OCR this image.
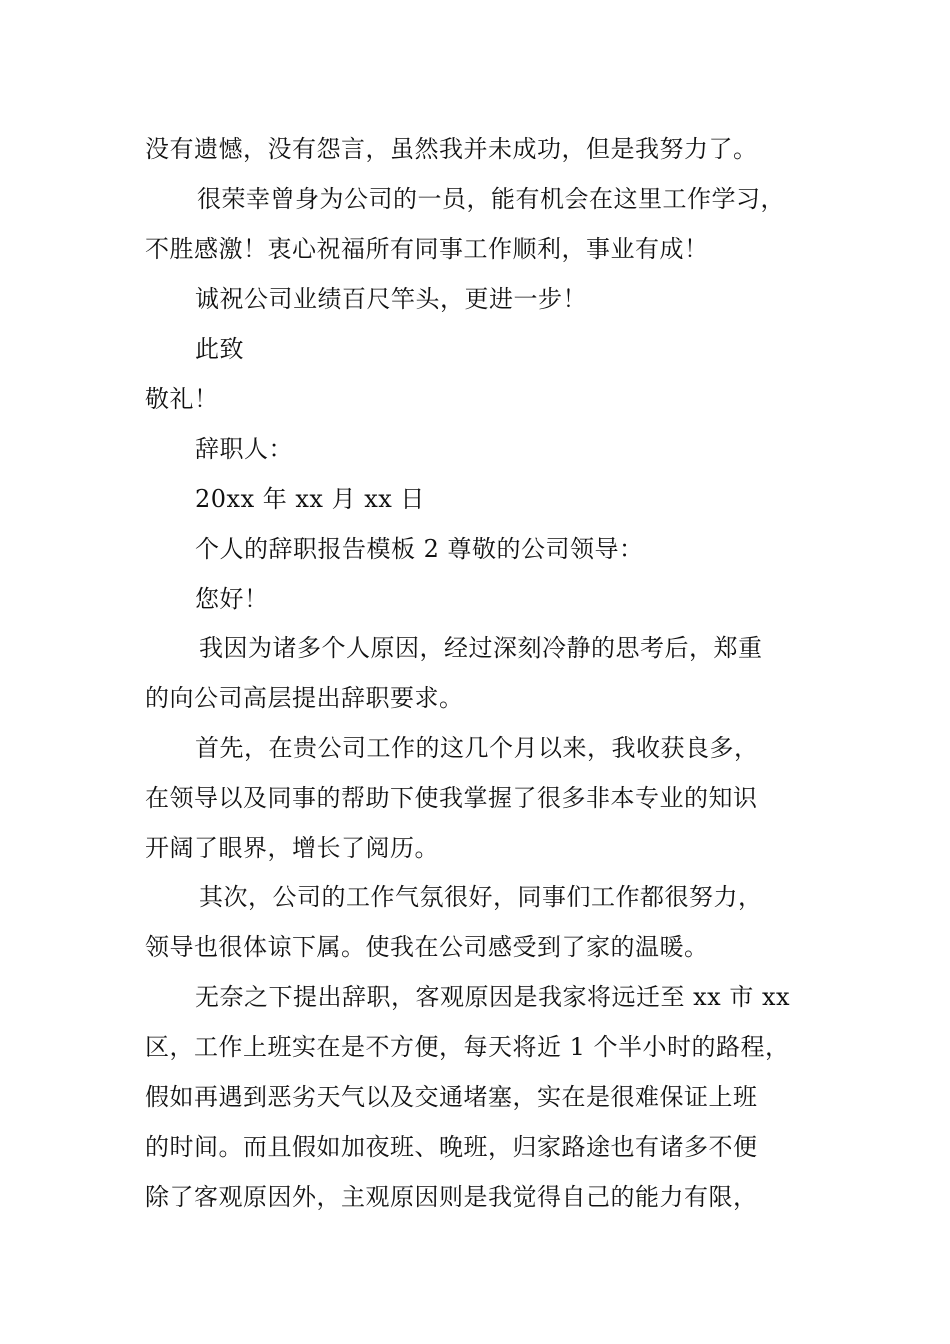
没有遗憾，没有怨言，虽然我并未成功，但是我努力了。
很荣幸曾身为公司的一员，能有机会在这里工作学习，
不胜感激！衷心祝福所有同事工作顺利，事业有成！
诚祝公司业绩百尺竿头，更进一步！
此致
敬礼！
辞职人：
20xx 年 xx 月 xx 日
个人的辞职报告模板 2 尊敬的公司领导：
您好！
我因为诸多个人原因，经过深刻冷静的思考后，郑重
的向公司高层提出辞职要求。
首先，在贵公司工作的这几个月以来，我收获良多，
在领导以及同事的帮助下使我掌握了很多非本专业的知识
开阔了眼界，增长了阅历。
其次，公司的工作气氛很好，同事们工作都很努力，
领导也很体谅下属。使我在公司感受到了家的温暖。
无奈之下提出辞职，客观原因是我家将远迁至 xx 市 xx
区，工作上班实在是不方便，每天将近 1 个半小时的路程，
假如再遇到恶劣天气以及交通堵塞，实在是很难保证上班
的时间。而且假如加夜班、晚班，归家路途也有诸多不便
除了客观原因外，主观原因则是我觉得自己的能力有限，
